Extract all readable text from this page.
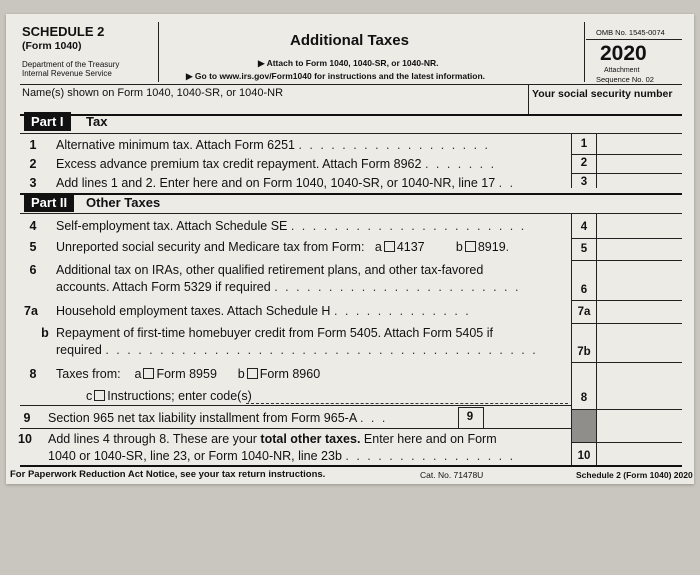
SCHEDULE 2
(Form 1040)
Department of the Treasury
Internal Revenue Service
Additional Taxes
▶ Attach to Form 1040, 1040-SR, or 1040-NR.
▶ Go to www.irs.gov/Form1040 for instructions and the latest information.
OMB No. 1545-0074
2020
Attachment
Sequence No. 02
Name(s) shown on Form 1040, 1040-SR, or 1040-NR	Your social security number
Part I	Tax
1	Alternative minimum tax. Attach Form 6251 . . . . . . . . . . . . . . . . . .	1
2	Excess advance premium tax credit repayment. Attach Form 8962 . . . . . . .	2
3	Add lines 1 and 2. Enter here and on Form 1040, 1040-SR, or 1040-NR, line 17 . .	3
Part II	Other Taxes
4	Self-employment tax. Attach Schedule SE . . . . . . . . . . . . . . . . . . . . . .	4
5	Unreported social security and Medicare tax from Form: a 4137	b 8919.	5
6	Additional tax on IRAs, other qualified retirement plans, and other tax-favored
accounts. Attach Form 5329 if required . . . . . . . . . . . . . . . . . . . . . . .	6
7a	Household employment taxes. Attach Schedule H . . . . . . . . . . . . .	7a
b Repayment of first-time homebuyer credit from Form 5405. Attach Form 5405 if
required . . . . . . . . . . . . . . . . . . . . . . . . . . . . . . . . . . . . . . . .	7b
8	Taxes from: a Form 8959 b Form 8960
c Instructions; enter code(s)	8
9	Section 965 net tax liability installment from Form 965-A . . .	9
10	Add lines 4 through 8. These are your total other taxes. Enter here and on Form
1040 or 1040-SR, line 23, or Form 1040-NR, line 23b . . . . . . . . . . . . . . . .	10
For Paperwork Reduction Act Notice, see your tax return instructions.	Cat. No. 71478U	Schedule 2 (Form 1040) 2020
